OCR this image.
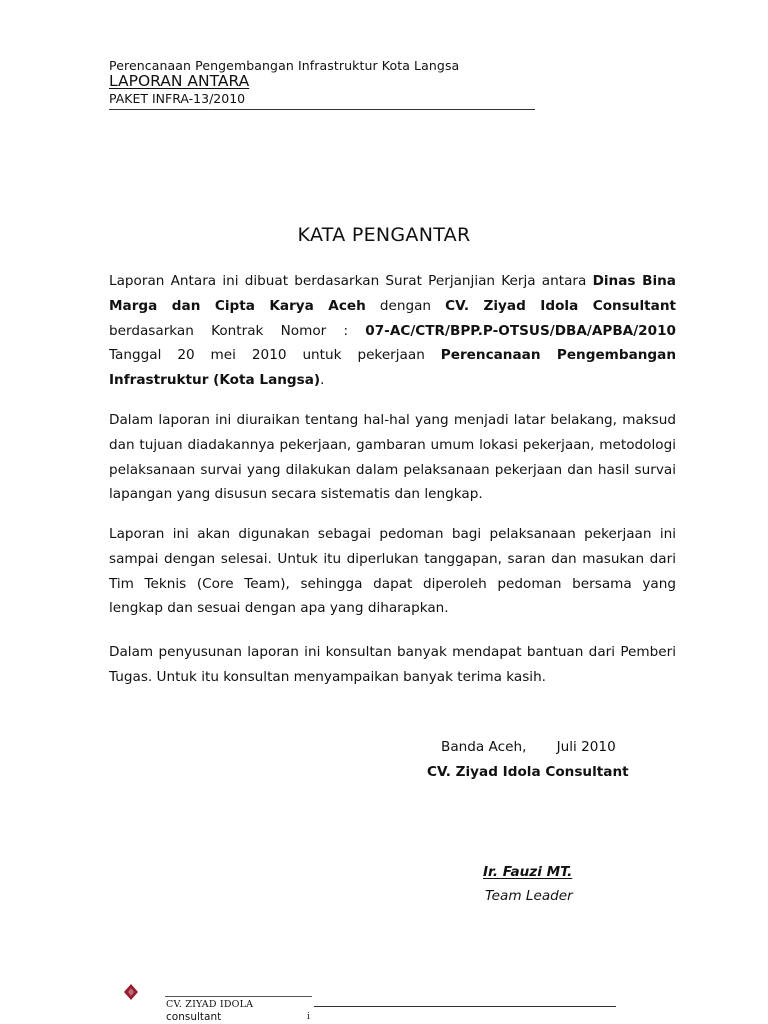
Perencanaan Pengembangan Infrastruktur Kota Langsa
LAPORAN ANTARA
PAKET INFRA-13/2010
KATA PENGANTAR
Laporan Antara ini dibuat berdasarkan Surat Perjanjian Kerja antara Dinas Bina Marga dan Cipta Karya Aceh dengan CV. Ziyad Idola Consultant berdasarkan Kontrak Nomor : 07-AC/CTR/BPP.P-OTSUS/DBA/APBA/2010 Tanggal 20 mei 2010 untuk pekerjaan Perencanaan Pengembangan Infrastruktur (Kota Langsa).
Dalam laporan ini diuraikan tentang hal-hal yang menjadi latar belakang, maksud dan tujuan diadakannya pekerjaan, gambaran umum lokasi pekerjaan, metodologi pelaksanaan survai yang dilakukan dalam pelaksanaan pekerjaan dan hasil survai lapangan yang disusun secara sistematis dan lengkap.
Laporan ini akan digunakan sebagai pedoman bagi pelaksanaan pekerjaan ini sampai dengan selesai. Untuk itu diperlukan tanggapan, saran dan masukan dari Tim Teknis (Core Team), sehingga dapat diperoleh pedoman bersama yang lengkap dan sesuai dengan apa yang diharapkan.
Dalam penyusunan laporan ini konsultan banyak mendapat bantuan dari Pemberi Tugas. Untuk itu konsultan menyampaikan banyak terima kasih.
Banda Aceh,       Juli 2010
CV. Ziyad Idola Consultant
Ir. Fauzi MT.
Team Leader
CV. ZIYAD IDOLA
consultant	i
